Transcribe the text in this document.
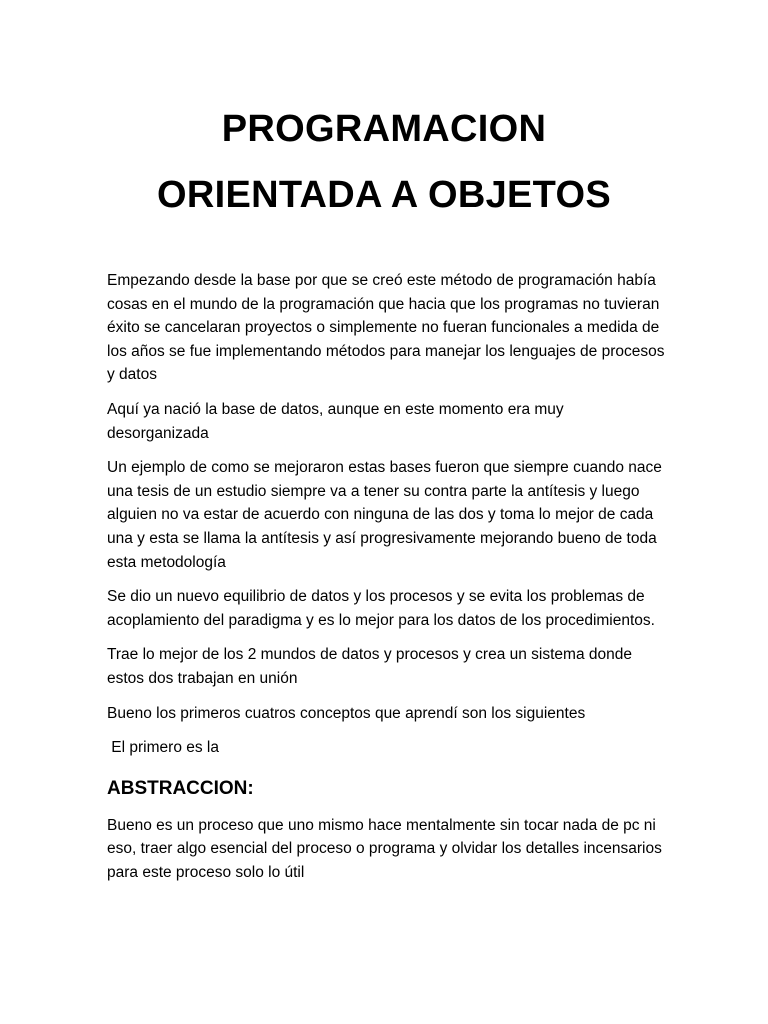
PROGRAMACION
ORIENTADA A OBJETOS

Empezando desde la base por que se creó este método de programación había cosas en el mundo de la programación que hacia que los programas no tuvieran éxito se cancelaran proyectos o simplemente no fueran funcionales a medida de los años se fue implementando métodos para manejar los lenguajes de procesos y datos

Aquí ya nació la base de datos, aunque en este momento era muy desorganizada

Un ejemplo de como se mejoraron estas bases fueron que siempre cuando nace una tesis de un estudio siempre va a tener su contra parte la antítesis y luego alguien no va estar de acuerdo con ninguna de las dos y toma lo mejor de cada una y esta se llama la antítesis y así progresivamente mejorando bueno de toda esta metodología

Se dio un nuevo equilibrio de datos y los procesos y se evita los problemas de acoplamiento del paradigma y es lo mejor para los datos de los procedimientos.

Trae lo mejor de los 2 mundos de datos y procesos y crea un sistema donde estos dos trabajan en unión

Bueno los primeros cuatros conceptos que aprendí son los siguientes

El primero es la

ABSTRACCION:

Bueno es un proceso que uno mismo hace mentalmente sin tocar nada de pc ni eso, traer algo esencial del proceso o programa y olvidar los detalles incensarios para este proceso solo lo útil
